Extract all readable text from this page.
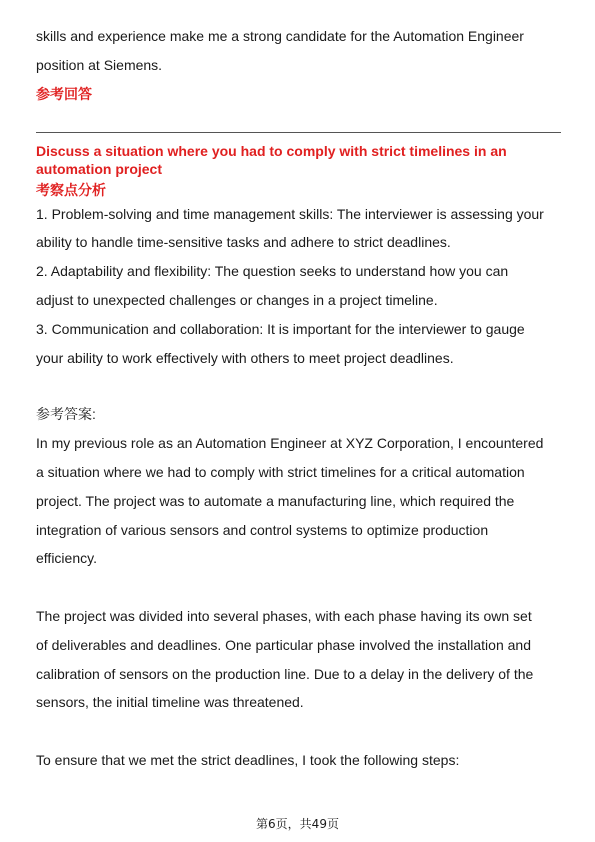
skills and experience make me a strong candidate for the Automation Engineer

position at Siemens.

参考回答

Discuss a situation where you had to comply with strict timelines in an

automation project

考察点分析

1. Problem-solving and time management skills: The interviewer is assessing your

ability to handle time-sensitive tasks and adhere to strict deadlines.

2. Adaptability and flexibility: The question seeks to understand how you can

adjust to unexpected challenges or changes in a project timeline.

3. Communication and collaboration: It is important for the interviewer to gauge

your ability to work effectively with others to meet project deadlines.

参考答案:

In my previous role as an Automation Engineer at XYZ Corporation, I encountered

a situation where we had to comply with strict timelines for a critical automation

project. The project was to automate a manufacturing line, which required the

integration of various sensors and control systems to optimize production

efficiency.

The project was divided into several phases, with each phase having its own set

of deliverables and deadlines. One particular phase involved the installation and

calibration of sensors on the production line. Due to a delay in the delivery of the

sensors, the initial timeline was threatened.

To ensure that we met the strict deadlines, I took the following steps:

第6页，共49页
